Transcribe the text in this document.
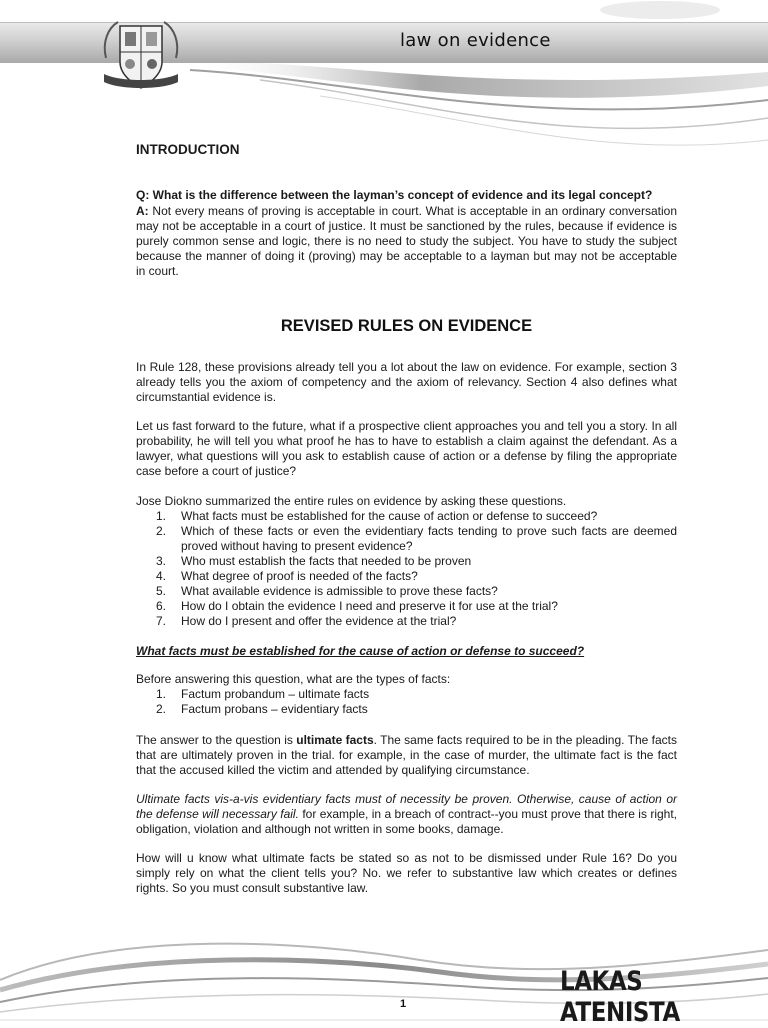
law on evidence
INTRODUCTION
Q: What is the difference between the layman’s concept of evidence and its legal concept?
A: Not every means of proving is acceptable in court. What is acceptable in an ordinary conversation may not be acceptable in a court of justice. It must be sanctioned by the rules, because if evidence is purely common sense and logic, there is no need to study the subject. You have to study the subject because the manner of doing it (proving) may be acceptable to a layman but may not be acceptable in court.
REVISED RULES ON EVIDENCE
In Rule 128, these provisions already tell you a lot about the law on evidence. For example, section 3 already tells you the axiom of competency and the axiom of relevancy. Section 4 also defines what circumstantial evidence is.
Let us fast forward to the future, what if a prospective client approaches you and tell you a story. In all probability, he will tell you what proof he has to have to establish a claim against the defendant. As a lawyer, what questions will you ask to establish cause of action or a defense by filing the appropriate case before a court of justice?
Jose Diokno summarized the entire rules on evidence by asking these questions.
1. What facts must be established for the cause of action or defense to succeed?
2. Which of these facts or even the evidentiary facts tending to prove such facts are deemed proved without having to present evidence?
3. Who must establish the facts that needed to be proven
4. What degree of proof is needed of the facts?
5. What available evidence is admissible to prove these facts?
6. How do I obtain the evidence I need and preserve it for use at the trial?
7. How do I present and offer the evidence at the trial?
What facts must be established for the cause of action or defense to succeed?
Before answering this question, what are the types of facts:
1. Factum probandum – ultimate facts
2. Factum probans – evidentiary facts
The answer to the question is ultimate facts. The same facts required to be in the pleading. The facts that are ultimately proven in the trial. for example, in the case of murder, the ultimate fact is the fact that the accused killed the victim and attended by qualifying circumstance.
Ultimate facts vis-a-vis evidentiary facts must of necessity be proven. Otherwise, cause of action or the defense will necessary fail. for example, in a breach of contract--you must prove that there is right, obligation, violation and although not written in some books, damage.
How will u know what ultimate facts be stated so as not to be dismissed under Rule 16? Do you simply rely on what the client tells you? No. we refer to substantive law which creates or defines rights. So you must consult substantive law.
LAKAS ATENISTA
1
